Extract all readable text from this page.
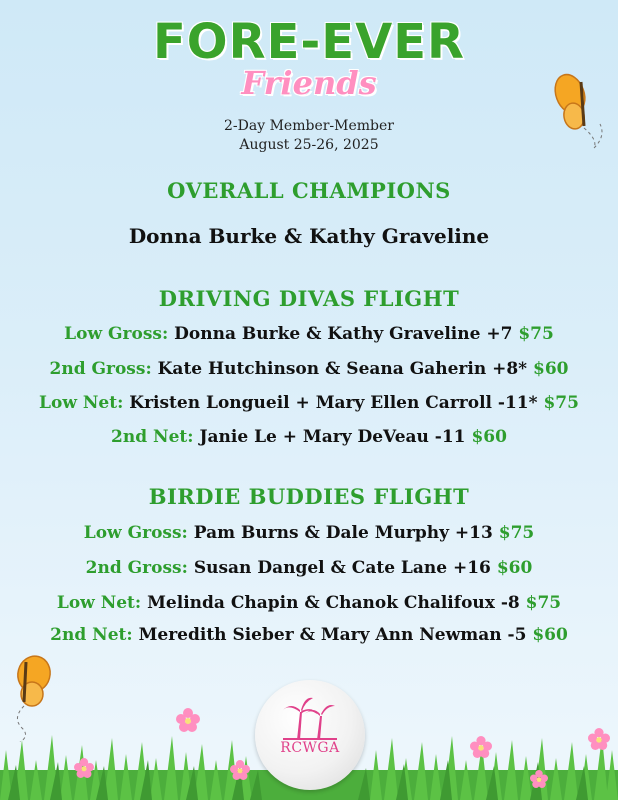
FORE-EVER
Friends
2-Day Member-Member
August 25-26, 2025
OVERALL CHAMPIONS
Donna Burke & Kathy Graveline
DRIVING DIVAS FLIGHT
Low Gross: Donna Burke & Kathy Graveline +7 $75
2nd Gross: Kate Hutchinson & Seana Gaherin +8* $60
Low Net: Kristen Longueil + Mary Ellen Carroll -11* $75
2nd Net: Janie Le + Mary DeVeau -11 $60
BIRDIE BUDDIES FLIGHT
Low Gross: Pam Burns & Dale Murphy +13 $75
2nd Gross: Susan Dangel & Cate Lane +16 $60
Low Net: Melinda Chapin & Chanok Chalifoux -8 $75
2nd Net: Meredith Sieber & Mary Ann Newman -5 $60
RCWGA
